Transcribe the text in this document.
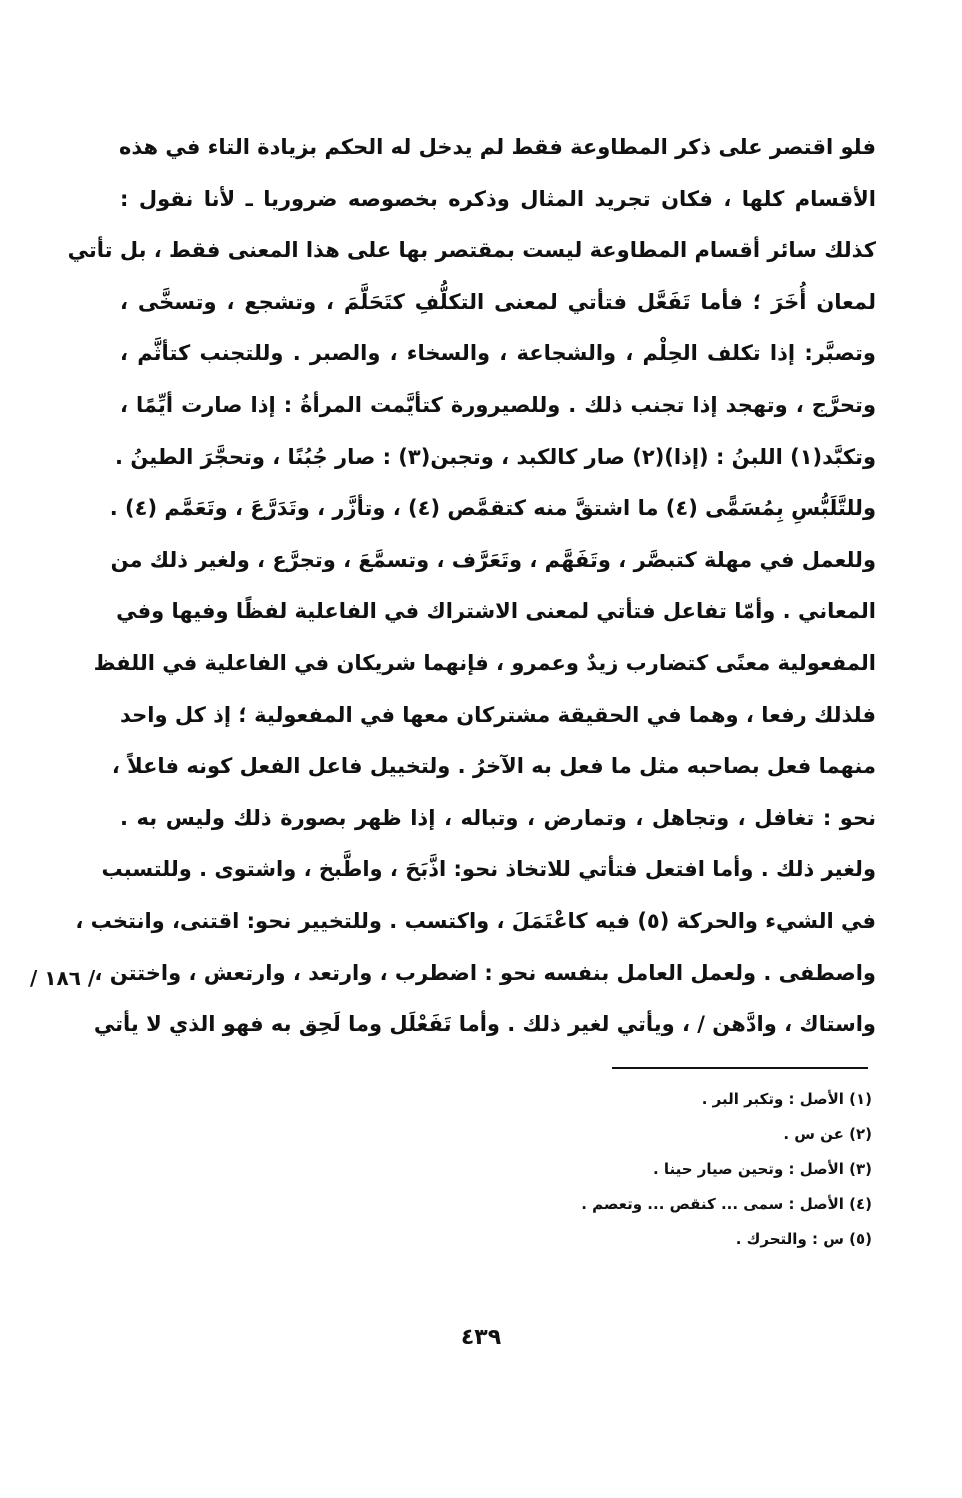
فلو اقتصر على ذكر المطاوعة فقط لم يدخل له الحكم بزيادة التاء في هذه
الأقسام كلها ، فكان تجريد المثال وذكره بخصوصه ضروريا ـ لأنا نقول :
كذلك سائر أقسام المطاوعة ليست بمقتصر بها على هذا المعنى فقط ، بل تأتي
لمعان أُخَرَ ؛ فأما تَفَعَّل فتأتي لمعنى التكلُّفِ كتَحَلَّمَ ، وتشجع ، وتسخَّى ،
وتصبَّر: إذا تكلف الحِلْم ، والشجاعة ، والسخاء ، والصبر . وللتجنب كتأثَّم ،
وتحرَّج ، وتهجد إذا تجنب ذلك . وللصيرورة كتأيَّمت المرأةُ : إذا صارت أيِّمًا ،
وتكبَّد(١) اللبنُ : (إذا)(٢) صار كالكبد ، وتجبن(٣) : صار جُبُنًا ، وتحجَّرَ الطينُ .
وللتَّلَبُّسِ بِمُسَمًّى (٤) ما اشتقَّ منه كتقمَّص (٤) ، وتأزَّر ، وتَدَرَّعَ ، وتَعَمَّم (٤) .
وللعمل في مهلة كتبصَّر ، وتَفَهَّم ، وتَعَرَّف ، وتسمَّعَ ، وتجرَّع ، ولغير ذلك من
المعاني . وأمّا تفاعل فتأتي لمعنى الاشتراك في الفاعلية لفظًا وفيها وفي
المفعولية معنًى كتضارب زيدٌ وعمرو ، فإنهما شريكان في الفاعلية في اللفظ
فلذلك رفعا ، وهما في الحقيقة مشتركان معها في المفعولية ؛ إذ كل واحد
منهما فعل بصاحبه مثل ما فعل به الآخرُ . ولتخييل فاعل الفعل كونه فاعلاً ،
نحو : تغافل ، وتجاهل ، وتمارض ، وتباله ، إذا ظهر بصورة ذلك وليس به .
ولغير ذلك . وأما افتعل فتأتي للاتخاذ نحو: اذَّبَحَ ، واطَّبخ ، واشتوى . وللتسبب
في الشيء والحركة (٥) فيه كاعْتَمَلَ ، واكتسب . وللتخيير نحو: اقتنى، وانتخب ،
واصطفى . ولعمل العامل بنفسه نحو : اضطرب ، وارتعد ، وارتعش ، واختتن ،
واستاك ، وادَّهن / ، ويأتي لغير ذلك . وأما تَفَعْلَل وما لَحِق به فهو الذي لا يأتي
/ ١٨٦ /
(١) الأصل : وتكبر البر .
(٢) عن س .
(٣) الأصل : وتحين صيار حينا .
(٤) الأصل : سمى ... كنقص ... وتعصم .
(٥) س : والتحرك .
٤٣٩
